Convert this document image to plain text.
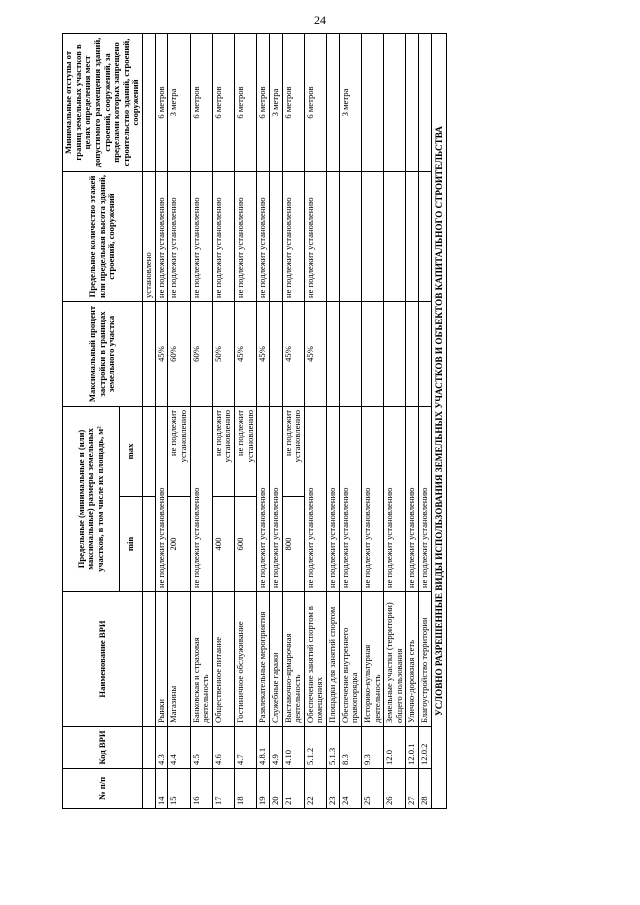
24
№ п/п	Код ВРИ	Наименование ВРИ	Предельные (минимальные и (или) максимальные) размеры земельных участков, в том числе их площадь, м²		Максимальный процент застройки в границах земельного участка	Предельное количество этажей или предельная высота зданий, строений, сооружений	Минимальные отступы от границ земельных участков в целях определения мест допустимого размещения зданий, строений, сооружений, за пределами которых запрещено строительство зданий, строений, сооружений
			min	max			
						установлено	
14	4.3	Рынки	не подлежит установлению		45%	не подлежит установлению	6 метров
15	4.4	Магазины	200	не подлежит установлению	60%	не подлежит установлению	3 метра
16	4.5	Банковская и страховая деятельность	не подлежит установлению		60%	не подлежит установлению	6 метров
17	4.6	Общественное питание	400	не подлежит установлению	50%	не подлежит установлению	6 метров
18	4.7	Гостиничное обслуживание	600	не подлежит установлению	45%	не подлежит установлению	6 метров
19	4.8.1	Развлекательные мероприятия	не подлежит установлению		45%	не подлежит установлению	6 метров
20	4.9	Служебные гаражи	не подлежит установлению				3 метра
21	4.10	Выставочно-ярмарочная деятельность	800	не подлежит установлению	45%	не подлежит установлению	6 метров
22	5.1.2	Обеспечение занятий спортом в помещениях	не подлежит установлению		45%	не подлежит установлению	6 метров
23	5.1.3	Площадки для занятий спортом	не подлежит установлению				
24	8.3	Обеспечение внутреннего правопорядка	не подлежит установлению				3 метра
25	9.3	Историко-культурная деятельность	не подлежит установлению				
26	12.0	Земельные участки (территории) общего пользования	не подлежит установлению				
27	12.0.1	Улично-дорожная сеть	не подлежит установлению				
28	12.0.2	Благоустройство территории	не подлежит установлению				
УСЛОВНО РАЗРЕШЕННЫЕ ВИДЫ ИСПОЛЬЗОВАНИЯ ЗЕМЕЛЬНЫХ УЧАСТКОВ И ОБЪЕКТОВ КАПИТАЛЬНОГО СТРОИТЕЛЬСТВА							
